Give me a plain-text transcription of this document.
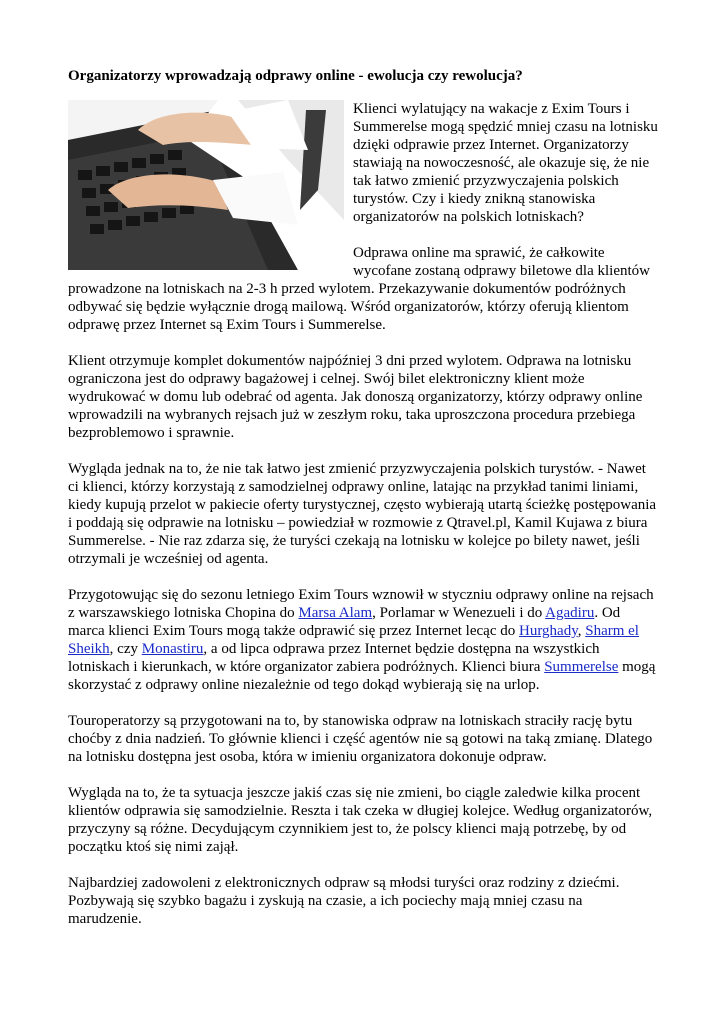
Organizatorzy wprowadzają odprawy online - ewolucja czy rewolucja?
Klienci wylatujący na wakacje z Exim Tours i Summerelse mogą spędzić mniej czasu na lotnisku dzięki odprawie przez Internet. Organizatorzy stawiają na nowoczesność, ale okazuje się, że nie tak łatwo zmienić przyzwyczajenia polskich turystów. Czy i kiedy znikną stanowiska organizatorów na polskich lotniskach?
Odprawa online ma sprawić, że całkowite wycofane zostaną odprawy biletowe dla klientów prowadzone na lotniskach na 2-3 h przed wylotem. Przekazywanie dokumentów podróżnych odbywać się będzie wyłącznie drogą mailową. Wśród organizatorów, którzy oferują klientom odprawę przez Internet są Exim Tours i Summerelse.
Klient otrzymuje komplet dokumentów najpóźniej 3 dni przed wylotem. Odprawa na lotnisku ograniczona jest do odprawy bagażowej i celnej. Swój bilet elektroniczny klient może wydrukować w domu lub odebrać od agenta. Jak donoszą organizatorzy, którzy odprawy online wprowadzili na wybranych rejsach już w zeszłym roku, taka uproszczona procedura przebiega bezproblemowo i sprawnie.
Wygląda jednak na to, że nie tak łatwo jest zmienić przyzwyczajenia polskich turystów. - Nawet ci klienci, którzy korzystają z samodzielnej odprawy online, latając na przykład tanimi liniami, kiedy kupują przelot w pakiecie oferty turystycznej, często wybierają utartą ścieżkę postępowania i poddają się odprawie na lotnisku – powiedział w rozmowie z Qtravel.pl, Kamil Kujawa z biura Summerelse. - Nie raz zdarza się, że turyści czekają na lotnisku w kolejce po bilety nawet, jeśli otrzymali je wcześniej od agenta.
Przygotowując się do sezonu letniego Exim Tours wznowił w styczniu odprawy online na rejsach z warszawskiego lotniska Chopina do Marsa Alam, Porlamar w Wenezueli i do Agadiru. Od marca klienci Exim Tours mogą także odprawić się przez Internet lecąc do Hurghady, Sharm el Sheikh, czy Monastiru, a od lipca odprawa przez Internet będzie dostępna na wszystkich lotniskach i kierunkach, w które organizator zabiera podróżnych. Klienci biura Summerelse mogą skorzystać z odprawy online niezależnie od tego dokąd wybierają się na urlop.
Touroperatorzy są przygotowani na to, by stanowiska odpraw na lotniskach straciły rację bytu choćby z dnia nadzień. To głównie klienci i część agentów nie są gotowi na taką zmianę. Dlatego na lotnisku dostępna jest osoba, która w imieniu organizatora dokonuje odpraw.
Wygląda na to, że ta sytuacja jeszcze jakiś czas się nie zmieni, bo ciągle zaledwie kilka procent klientów odprawia się samodzielnie. Reszta i tak czeka w długiej kolejce. Według organizatorów, przyczyny są różne. Decydującym czynnikiem jest to, że polscy klienci mają potrzebę, by od początku ktoś się nimi zajął.
Najbardziej zadowoleni z elektronicznych odpraw są młodsi turyści oraz rodziny z dziećmi. Pozbywają się szybko bagażu i zyskują na czasie, a ich pociechy mają mniej czasu na marudzenie.
